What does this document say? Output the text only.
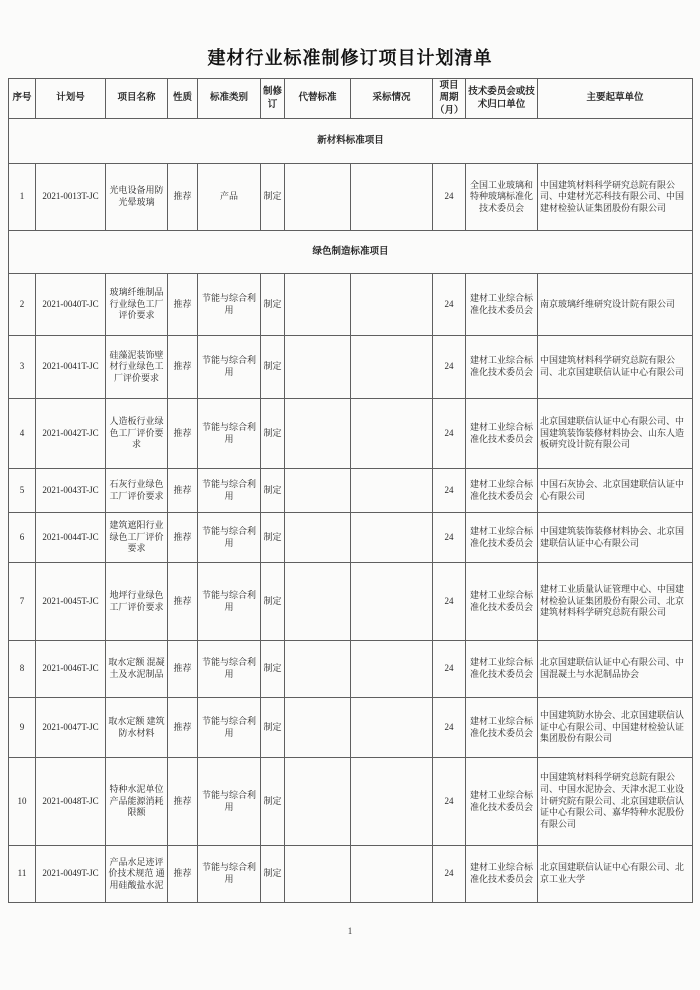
建材行业标准制修订项目计划清单
序号	计划号	项目名称	性质	标准类别	制修订	代替标准	采标情况	项目周期（月）	技术委员会或技术归口单位	主要起草单位
新材料标准项目										
1	2021-0013T-JC	光电设备用防光晕玻璃	推荐	产品	制定			24	全国工业玻璃和特种玻璃标准化技术委员会	中国建筑材料科学研究总院有限公司、中建材光芯科技有限公司、中国建材检验认证集团股份有限公司
绿色制造标准项目										
2	2021-0040T-JC	玻璃纤维制品行业绿色工厂评价要求	推荐	节能与综合利用	制定			24	建材工业综合标准化技术委员会	南京玻璃纤维研究设计院有限公司
3	2021-0041T-JC	硅藻泥装饰壁材行业绿色工厂评价要求	推荐	节能与综合利用	制定			24	建材工业综合标准化技术委员会	中国建筑材料科学研究总院有限公司、北京国建联信认证中心有限公司
4	2021-0042T-JC	人造板行业绿色工厂评价要求	推荐	节能与综合利用	制定			24	建材工业综合标准化技术委员会	北京国建联信认证中心有限公司、中国建筑装饰装修材料协会、山东人造板研究设计院有限公司
5	2021-0043T-JC	石灰行业绿色工厂评价要求	推荐	节能与综合利用	制定			24	建材工业综合标准化技术委员会	中国石灰协会、北京国建联信认证中心有限公司
6	2021-0044T-JC	建筑遮阳行业绿色工厂评价要求	推荐	节能与综合利用	制定			24	建材工业综合标准化技术委员会	中国建筑装饰装修材料协会、北京国建联信认证中心有限公司
7	2021-0045T-JC	地坪行业绿色工厂评价要求	推荐	节能与综合利用	制定			24	建材工业综合标准化技术委员会	建材工业质量认证管理中心、中国建材检验认证集团股份有限公司、北京建筑材料科学研究总院有限公司
8	2021-0046T-JC	取水定额 混凝土及水泥制品	推荐	节能与综合利用	制定			24	建材工业综合标准化技术委员会	北京国建联信认证中心有限公司、中国混凝土与水泥制品协会
9	2021-0047T-JC	取水定额 建筑防水材料	推荐	节能与综合利用	制定			24	建材工业综合标准化技术委员会	中国建筑防水协会、北京国建联信认证中心有限公司、中国建材检验认证集团股份有限公司
10	2021-0048T-JC	特种水泥单位产品能源消耗限额	推荐	节能与综合利用	制定			24	建材工业综合标准化技术委员会	中国建筑材料科学研究总院有限公司、中国水泥协会、天津水泥工业设计研究院有限公司、北京国建联信认证中心有限公司、嘉华特种水泥股份有限公司
11	2021-0049T-JC	产品水足迹评价技术规范 通用硅酸盐水泥	推荐	节能与综合利用	制定			24	建材工业综合标准化技术委员会	北京国建联信认证中心有限公司、北京工业大学
1
